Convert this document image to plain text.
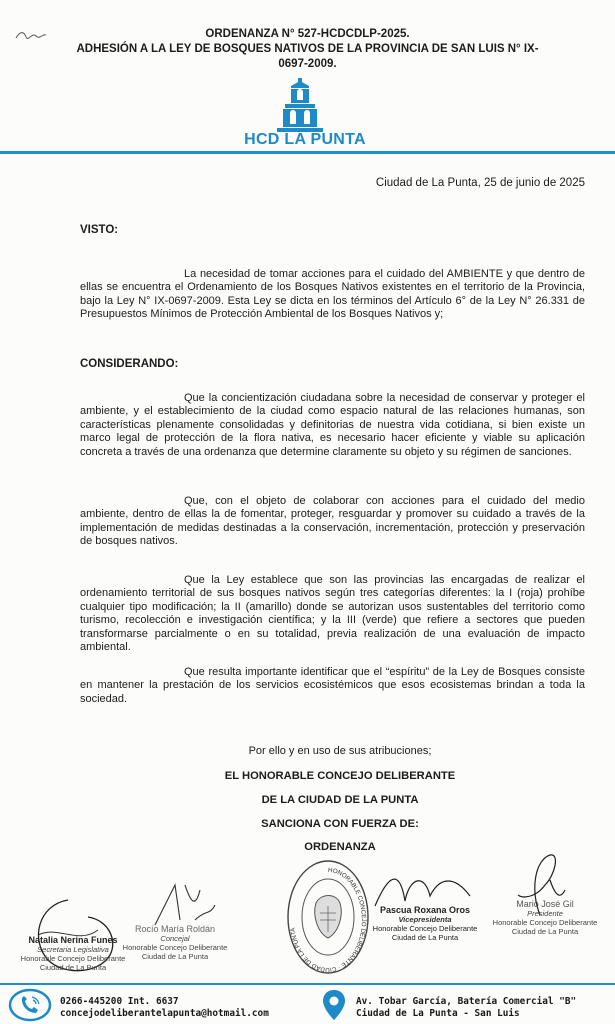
ORDENANZA N° 527-HCDCDLP-2025.
ADHESIÓN A LA LEY DE BOSQUES NATIVOS DE LA PROVINCIA DE SAN LUIS N° IX-
0697-2009.
HCD LA PUNTA
Ciudad de La Punta, 25 de junio de 2025
VISTO:

La necesidad de tomar acciones para el cuidado del AMBIENTE y que dentro de ellas se encuentra el Ordenamiento de los Bosques Nativos existentes en el territorio de la Provincia, bajo la Ley N° IX-0697-2009. Esta Ley se dicta en los términos del Artículo 6° de la Ley N° 26.331 de Presupuestos Mínimos de Protección Ambiental de los Bosques Nativos y;

CONSIDERANDO:

Que la concientización ciudadana sobre la necesidad de conservar y proteger el ambiente, y el establecimiento de la ciudad como espacio natural de las relaciones humanas, son características plenamente consolidadas y definitorias de nuestra vida cotidiana, si bien existe un marco legal de protección de la flora nativa, es necesario hacer eficiente y viable su aplicación concreta a través de una ordenanza que determine claramente su objeto y su régimen de sanciones.

Que, con el objeto de colaborar con acciones para el cuidado del medio ambiente, dentro de ellas la de fomentar, proteger, resguardar y promover su cuidado a través de la implementación de medidas destinadas a la conservación, incrementación, protección y preservación de bosques nativos.

Que la Ley establece que son las provincias las encargadas de realizar el ordenamiento territorial de sus bosques nativos según tres categorías diferentes: la I (roja) prohíbe cualquier tipo modificación; la II (amarillo) donde se autorizan usos sustentables del territorio como turismo, recolección e investigación científica; y la III (verde) que refiere a sectores que pueden transformarse parcialmente o en su totalidad, previa realización de una evaluación de impacto ambiental.

Que resulta importante identificar que el “espíritu” de la Ley de Bosques consiste en mantener la prestación de los servicios ecosistémicos que esos ecosistemas brindan a toda la sociedad.

Por ello y en uso de sus atribuciones;
EL HONORABLE CONCEJO DELIBERANTE
DE LA CIUDAD DE LA PUNTA
SANCIONA CON FUERZA DE:
ORDENANZA
Natalia Nerina Funes
Secretaria Legislativa
Honorable Concejo Deliberante
Ciudad de La Punta
Rocío María Roldán
Concejal
Honorable Concejo Deliberante
Ciudad de La Punta
HONORABLE CONCEJO DELIBERANTE · CIUDAD DE LA PUNTA
Pascua Roxana Oros
Vicepresidenta
Honorable Concejo Deliberante
Ciudad de La Punta
Mario José Gil
Presidente
Honorable Concejo Deliberante
Ciudad de La Punta
0266-445200 Int. 6637
concejodeliberantelapunta@hotmail.com
Av. Tobar García, Batería Comercial "B"
Ciudad de La Punta - San Luis
